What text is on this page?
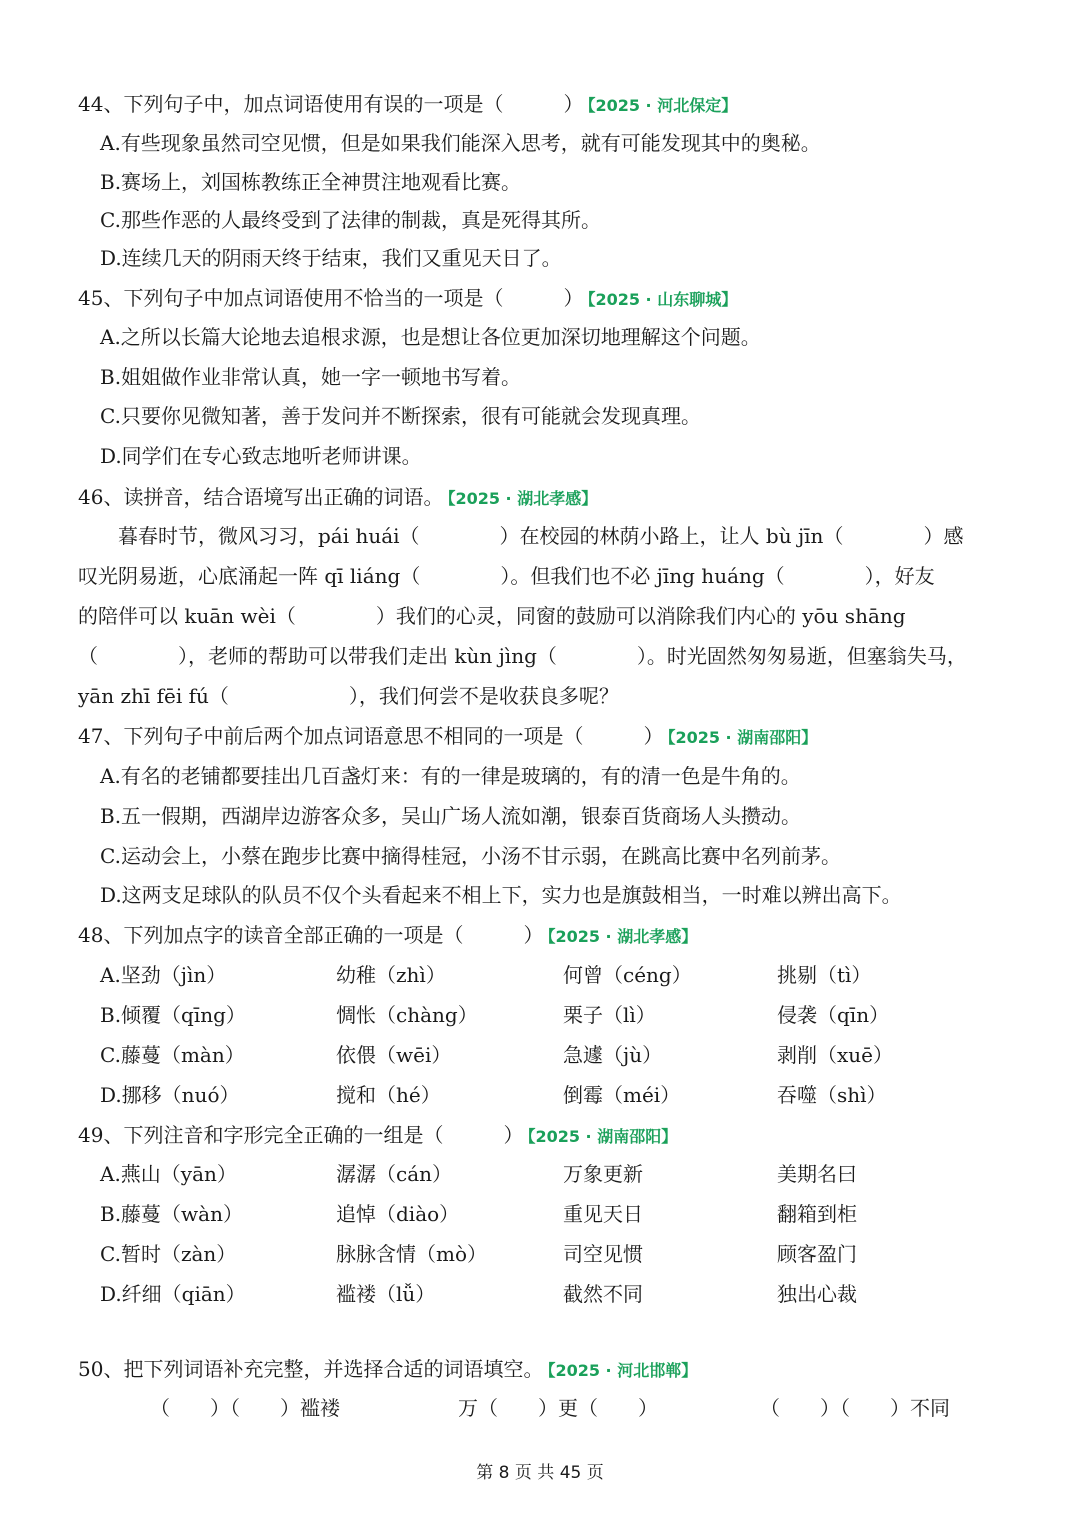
44、下列句子中，加点词语使用有误的一项是（　　　） 【2025 · 河北保定】
A.有些现象虽然司空见惯，但是如果我们能深入思考，就有可能发现其中的奥秘。
B.赛场上，刘国栋教练正全神贯注地观看比赛。
C.那些作恶的人最终受到了法律的制裁，真是死得其所。
D.连续几天的阴雨天终于结束，我们又重见天日了。
45、下列句子中加点词语使用不恰当的一项是（　　　） 【2025 · 山东聊城】
A.之所以长篇大论地去追根求源，也是想让各位更加深切地理解这个问题。
B.姐姐做作业非常认真，她一字一顿地书写着。
C.只要你见微知著，善于发问并不断探索，很有可能就会发现真理。
D.同学们在专心致志地听老师讲课。
46、读拼音，结合语境写出正确的词语。 【2025 · 湖北孝感】
　　暮春时节，微风习习，pái huái（　　　　）在校园的林荫小路上，让人 bù jīn（　　　　）感
叹光阴易逝，心底涌起一阵 qī liáng（　　　　）。但我们也不必 jīng huáng（　　　　），好友
的陪伴可以 kuān wèi（　　　　）我们的心灵，同窗的鼓励可以消除我们内心的 yōu shāng
（　　　　），老师的帮助可以带我们走出 kùn jìng（　　　　）。时光固然匆匆易逝，但塞翁失马，
yān zhī fēi fú（　　　　　　），我们何尝不是收获良多呢？
47、下列句子中前后两个加点词语意思不相同的一项是（　　　） 【2025 · 湖南邵阳】
A.有名的老铺都要挂出几百盏灯来：有的一律是玻璃的，有的清一色是牛角的。
B.五一假期，西湖岸边游客众多，吴山广场人流如潮，银泰百货商场人头攒动。
C.运动会上，小蔡在跑步比赛中摘得桂冠，小汤不甘示弱，在跳高比赛中名列前茅。
D.这两支足球队的队员不仅个头看起来不相上下，实力也是旗鼓相当，一时难以辨出高下。
48、下列加点字的读音全部正确的一项是（　　　） 【2025 · 湖北孝感】
A.坚劲（jìn）	幼稚（zhì）	何曾（céng）	挑剔（tì）
B.倾覆（qīng）	惆怅（chàng）	栗子（lì）	侵袭（qīn）
C.藤蔓（màn）	依偎（wēi）	急遽（jù）	剥削（xuē）
D.挪移（nuó）	搅和（hé）	倒霉（méi）	吞噬（shì）
49、下列注音和字形完全正确的一组是（　　　） 【2025 · 湖南邵阳】
A.燕山（yān）	潺潺（cán）	万象更新	美期名曰
B.藤蔓（wàn）	追悼（diào）	重见天日	翻箱到柜
C.暂时（zàn）	脉脉含情（mò）	司空见惯	顾客盈门
D.纤细（qiān）	褴褛（lǚ）	截然不同	独出心裁
50、把下列词语补充完整，并选择合适的词语填空。 【2025 · 河北邯郸】
（　　）（　　）褴褛	万（　　）更（　　）	（　　）（　　）不同
第 8 页 共 45 页
